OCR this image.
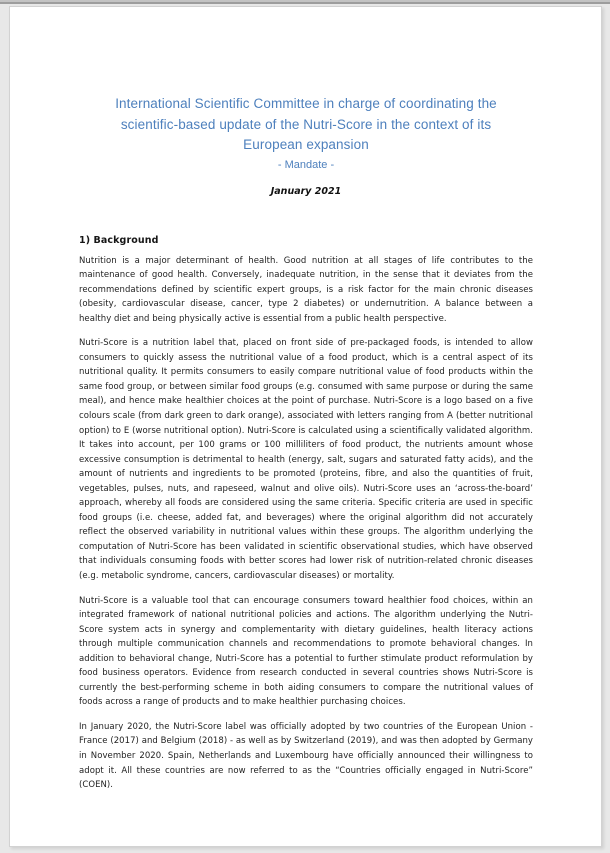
International Scientific Committee in charge of coordinating the
scientific-based update of the Nutri-Score in the context of its
European expansion
- Mandate -
January 2021
1) Background

Nutrition is a major determinant of health. Good nutrition at all stages of life contributes to the maintenance of good health. Conversely, inadequate nutrition, in the sense that it deviates from the recommendations defined by scientific expert groups, is a risk factor for the main chronic diseases (obesity, cardiovascular disease, cancer, type 2 diabetes) or undernutrition. A balance between a healthy diet and being physically active is essential from a public health perspective.

Nutri-Score is a nutrition label that, placed on front side of pre-packaged foods, is intended to allow consumers to quickly assess the nutritional value of a food product, which is a central aspect of its nutritional quality. It permits consumers to easily compare nutritional value of food products within the same food group, or between similar food groups (e.g. consumed with same purpose or during the same meal), and hence make healthier choices at the point of purchase. Nutri-Score is a logo based on a five colours scale (from dark green to dark orange), associated with letters ranging from A (better nutritional option) to E (worse nutritional option). Nutri-Score is calculated using a scientifically validated algorithm. It takes into account, per 100 grams or 100 milliliters of food product, the nutrients amount whose excessive consumption is detrimental to health (energy, salt, sugars and saturated fatty acids), and the amount of nutrients and ingredients to be promoted (proteins, fibre, and also the quantities of fruit, vegetables, pulses, nuts, and rapeseed, walnut and olive oils). Nutri-Score uses an ‘across-the-board’ approach, whereby all foods are considered using the same criteria. Specific criteria are used in specific food groups (i.e. cheese, added fat, and beverages) where the original algorithm did not accurately reflect the observed variability in nutritional values within these groups. The algorithm underlying the computation of Nutri-Score has been validated in scientific observational studies, which have observed that individuals consuming foods with better scores had lower risk of nutrition-related chronic diseases (e.g. metabolic syndrome, cancers, cardiovascular diseases) or mortality.

Nutri-Score is a valuable tool that can encourage consumers toward healthier food choices, within an integrated framework of national nutritional policies and actions. The algorithm underlying the Nutri-Score system acts in synergy and complementarity with dietary guidelines, health literacy actions through multiple communication channels and recommendations to promote behavioral changes. In addition to behavioral change, Nutri-Score has a potential to further stimulate product reformulation by food business operators. Evidence from research conducted in several countries shows Nutri-Score is currently the best-performing scheme in both aiding consumers to compare the nutritional values of foods across a range of products and to make healthier purchasing choices.

In January 2020, the Nutri-Score label was officially adopted by two countries of the European Union - France (2017) and Belgium (2018) - as well as by Switzerland (2019), and was then adopted by Germany in November 2020. Spain, Netherlands and Luxembourg have officially announced their willingness to adopt it. All these countries are now referred to as the “Countries officially engaged in Nutri-Score” (COEN).
